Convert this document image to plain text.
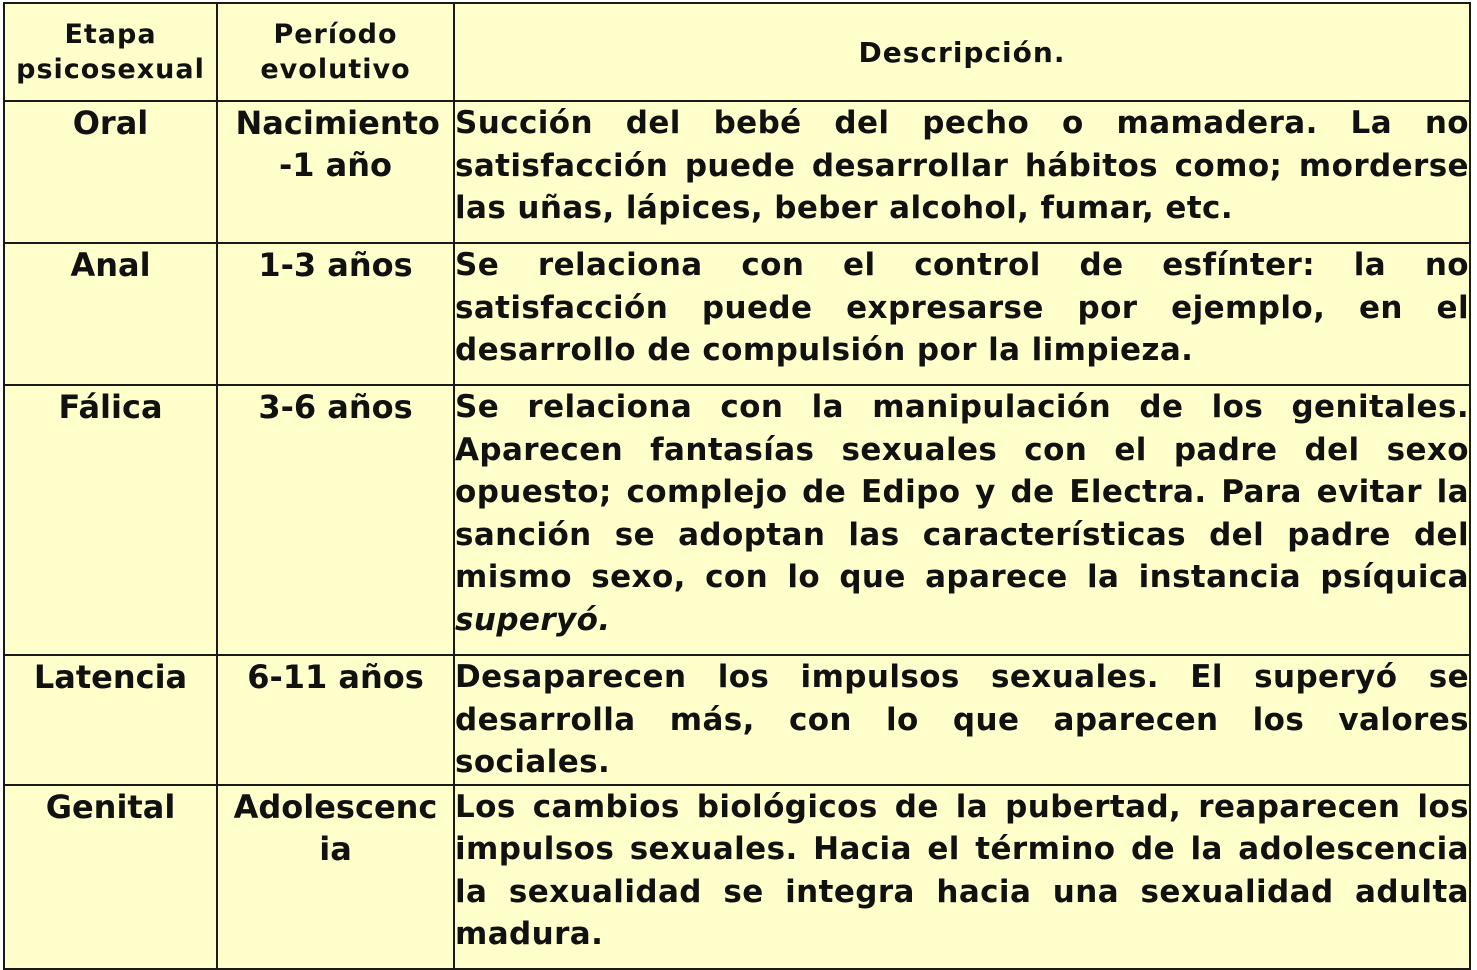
Etapa psicosexual	Período evolutivo	Descripción.
Oral	Nacimiento -1 año	Succión del bebé del pecho o mamadera. La no satisfacción puede desarrollar hábitos como; morderse las uñas, lápices, beber alcohol, fumar, etc.
Anal	1-3 años	Se relaciona con el control de esfínter: la no satisfacción puede expresarse por ejemplo, en el desarrollo de compulsión por la limpieza.
Fálica	3-6 años	Se relaciona con la manipulación de los genitales. Aparecen fantasías sexuales con el padre del sexo opuesto; complejo de Edipo y de Electra. Para evitar la sanción se adoptan las características del padre del mismo sexo, con lo que aparece la instancia psíquica superyó.
Latencia	6-11 años	Desaparecen los impulsos sexuales. El superyó se desarrolla más, con lo que aparecen los valores sociales.
Genital	Adolescencia	Los cambios biológicos de la pubertad, reaparecen los impulsos sexuales. Hacia el término de la adolescencia la sexualidad se integra hacia una sexualidad adulta madura.
